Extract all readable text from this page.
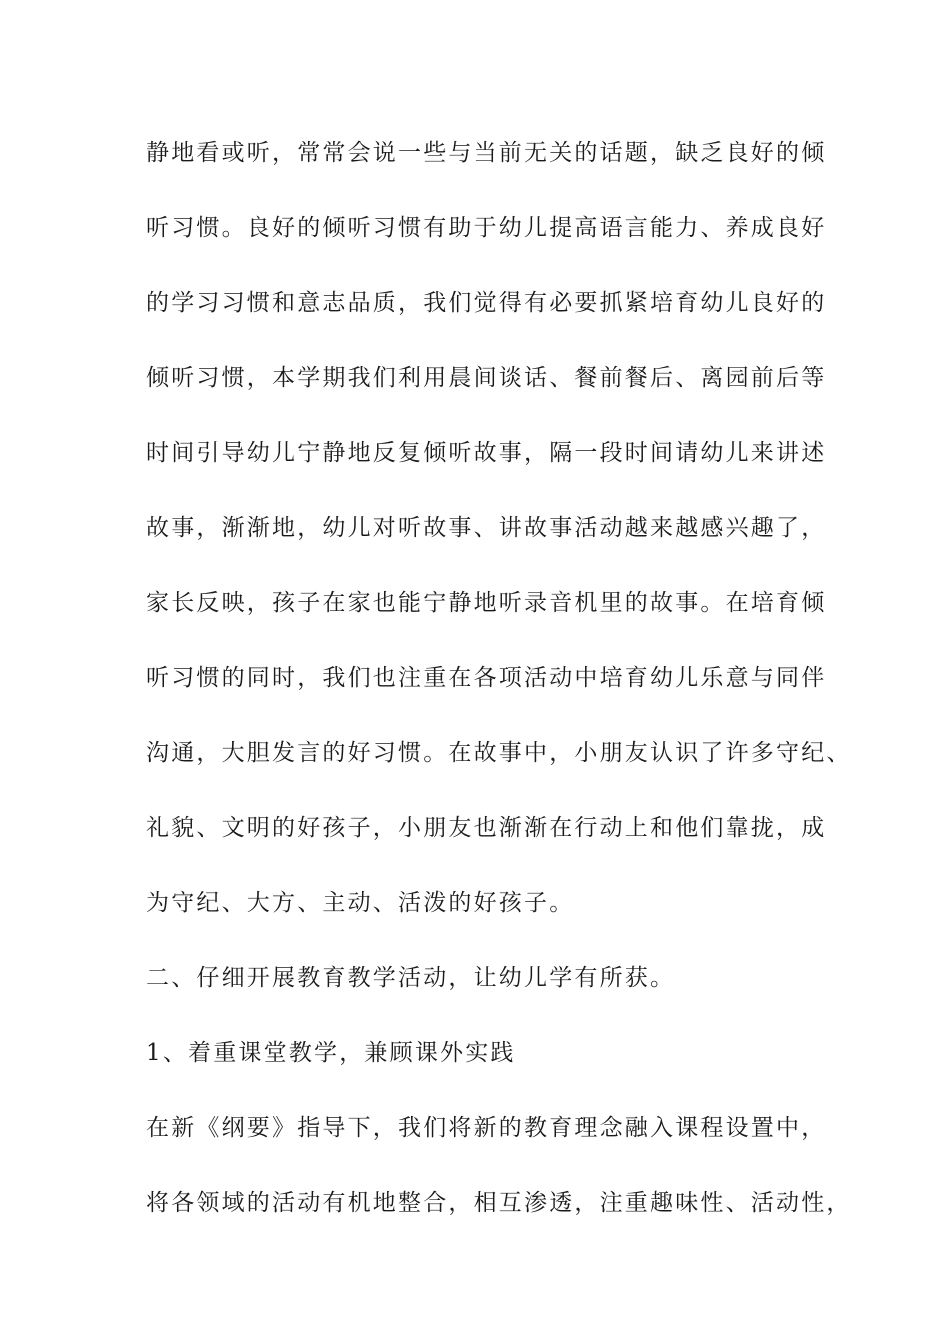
静地看或听，常常会说一些与当前无关的话题，缺乏良好的倾
听习惯。良好的倾听习惯有助于幼儿提高语言能力、养成良好
的学习习惯和意志品质，我们觉得有必要抓紧培育幼儿良好的
倾听习惯，本学期我们利用晨间谈话、餐前餐后、离园前后等
时间引导幼儿宁静地反复倾听故事，隔一段时间请幼儿来讲述
故事，渐渐地，幼儿对听故事、讲故事活动越来越感兴趣了，
家长反映，孩子在家也能宁静地听录音机里的故事。在培育倾
听习惯的同时，我们也注重在各项活动中培育幼儿乐意与同伴
沟通，大胆发言的好习惯。在故事中，小朋友认识了许多守纪、
礼貌、文明的好孩子，小朋友也渐渐在行动上和他们靠拢，成
为守纪、大方、主动、活泼的好孩子。
二、仔细开展教育教学活动，让幼儿学有所获。
1、着重课堂教学，兼顾课外实践
在新《纲要》指导下，我们将新的教育理念融入课程设置中，
将各领域的活动有机地整合，相互渗透，注重趣味性、活动性，
